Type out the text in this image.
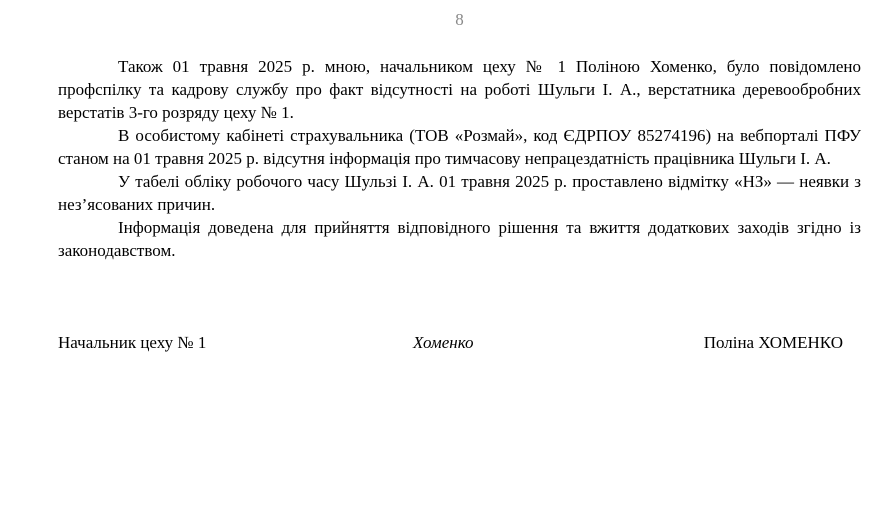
8

Також 01 травня 2025 р. мною, начальником цеху № 1 Поліною Хоменко, було повідомлено профспілку та кадрову службу про факт відсутності на роботі Шульги І. А., верстатника деревообробних верстатів 3-го розряду цеху № 1.

В особистому кабінеті страхувальника (ТОВ «Розмай», код ЄДРПОУ 85274196) на вебпорталі ПФУ станом на 01 травня 2025 р. відсутня інформація про тимчасову непрацездатність працівника Шульги І. А.

У табелі обліку робочого часу Шульзі І. А. 01 травня 2025 р. проставлено відмітку «НЗ» — неявки з нез’ясованих причин.

Інформація доведена для прийняття відповідного рішення та вжиття додаткових заходів згідно із законодавством.

Начальник цеху № 1	Хоменко	Поліна ХОМЕНКО
